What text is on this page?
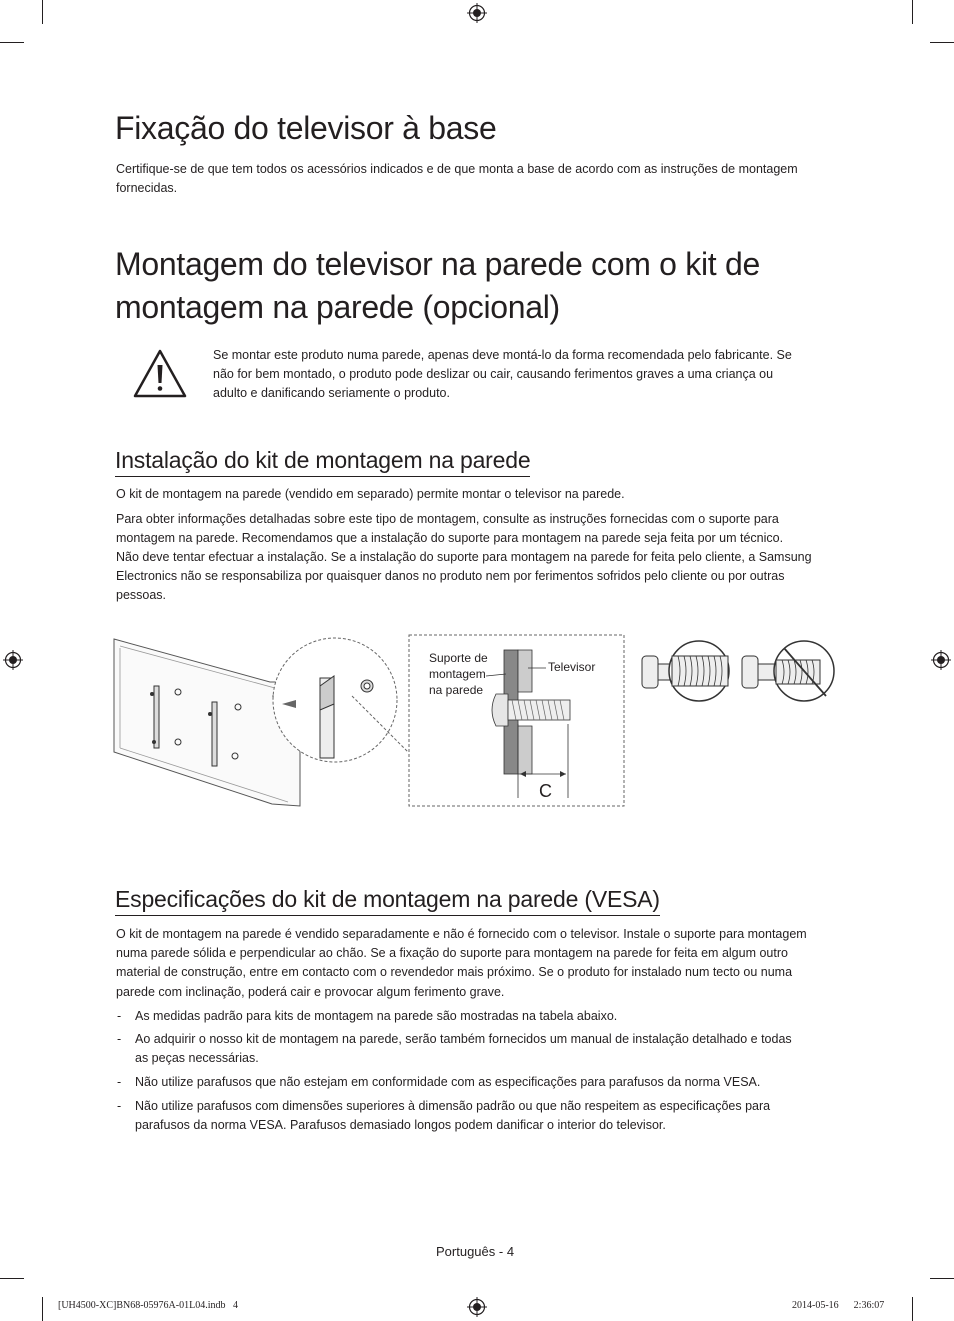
Fixação do televisor à base

Certifique-se de que tem todos os acessórios indicados e de que monta a base de acordo com as instruções de montagem

fornecidas.

Montagem do televisor na parede com o kit de
montagem na parede (opcional)

Se montar este produto numa parede, apenas deve montá-lo da forma recomendada pelo fabricante. Se

não for bem montado, o produto pode deslizar ou cair, causando ferimentos graves a uma criança ou

adulto e danificando seriamente o produto.

Instalação do kit de montagem na parede

O kit de montagem na parede (vendido em separado) permite montar o televisor na parede.

Para obter informações detalhadas sobre este tipo de montagem, consulte as instruções fornecidas com o suporte para

montagem na parede. Recomendamos que a instalação do suporte para montagem na parede seja feita por um técnico.

Não deve tentar efectuar a instalação. Se a instalação do suporte para montagem na parede for feita pelo cliente, a Samsung

Electronics não se responsabiliza por quaisquer danos no produto nem por ferimentos sofridos pelo cliente ou por outras

pessoas.

Suporte de
montagem
na parede
Televisor
C
Especificações do kit de montagem na parede (VESA)

O kit de montagem na parede é vendido separadamente e não é fornecido com o televisor. Instale o suporte para montagem

numa parede sólida e perpendicular ao chão. Se a fixação do suporte para montagem na parede for feita em algum outro

material de construção, entre em contacto com o revendedor mais próximo. Se o produto for instalado num tecto ou numa

parede com inclinação, poderá cair e provocar algum ferimento grave.

- As medidas padrão para kits de montagem na parede são mostradas na tabela abaixo.
- Ao adquirir o nosso kit de montagem na parede, serão também fornecidos um manual de instalação detalhado e todas
as peças necessárias.
- Não utilize parafusos que não estejam em conformidade com as especificações para parafusos da norma VESA.
- Não utilize parafusos com dimensões superiores à dimensão padrão ou que não respeitem as especificações para
parafusos da norma VESA. Parafusos demasiado longos podem danificar o interior do televisor.
Português - 4
[UH4500-XC]BN68-05976A-01L04.indb   4	2014-05-16     2:36:07
